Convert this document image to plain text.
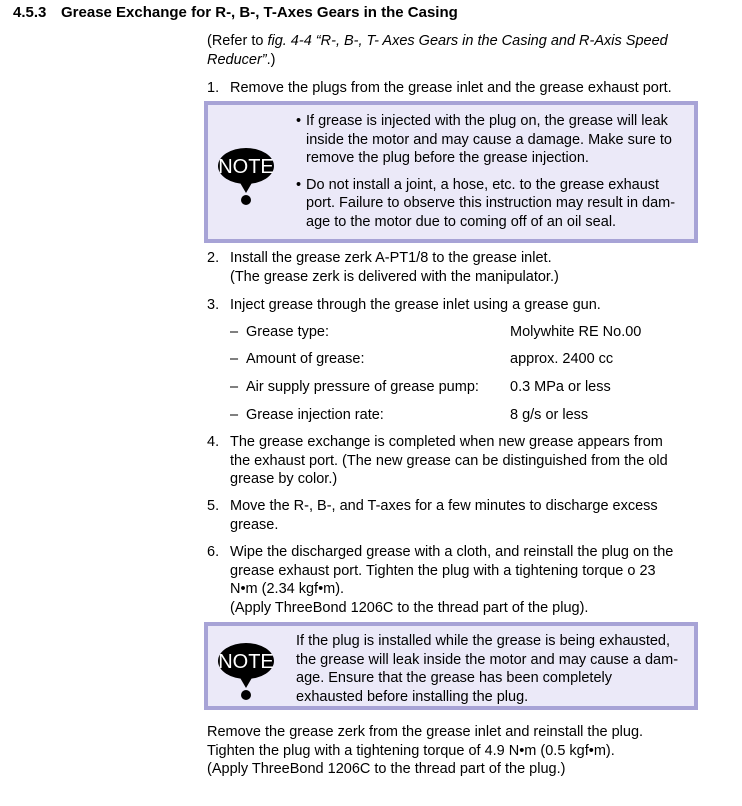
4.5.3 Grease Exchange for R-, B-, T-Axes Gears in the Casing
(Refer to fig. 4-4 “R-, B-, T- Axes Gears in the Casing and R-Axis Speed
Reducer”.)
1. Remove the plugs from the grease inlet and the grease exhaust port.
NOTE
• If grease is injected with the plug on, the grease will leak
inside the motor and may cause a damage. Make sure to
remove the plug before the grease injection.
• Do not install a joint, a hose, etc. to the grease exhaust
port. Failure to observe this instruction may result in dam-
age to the motor due to coming off of an oil seal.
2. Install the grease zerk A-PT1/8 to the grease inlet.
(The grease zerk is delivered with the manipulator.)
3. Inject grease through the grease inlet using a grease gun.
– Grease type:	Molywhite RE No.00
– Amount of grease:	approx. 2400 cc
– Air supply pressure of grease pump: 0.3 MPa or less
– Grease injection rate:	8 g/s or less
4. The grease exchange is completed when new grease appears from
the exhaust port. (The new grease can be distinguished from the old
grease by color.)
5. Move the R-, B-, and T-axes for a few minutes to discharge excess
grease.
6. Wipe the discharged grease with a cloth, and reinstall the plug on the
grease exhaust port. Tighten the plug with a tightening torque o 23
N•m (2.34 kgf•m).
(Apply ThreeBond 1206C to the thread part of the plug).
NOTE
If the plug is installed while the grease is being exhausted,
the grease will leak inside the motor and may cause a dam-
age. Ensure that the grease has been completely
exhausted before installing the plug.
Remove the grease zerk from the grease inlet and reinstall the plug.
Tighten the plug with a tightening torque of 4.9 N•m (0.5 kgf•m).
(Apply ThreeBond 1206C to the thread part of the plug.)
